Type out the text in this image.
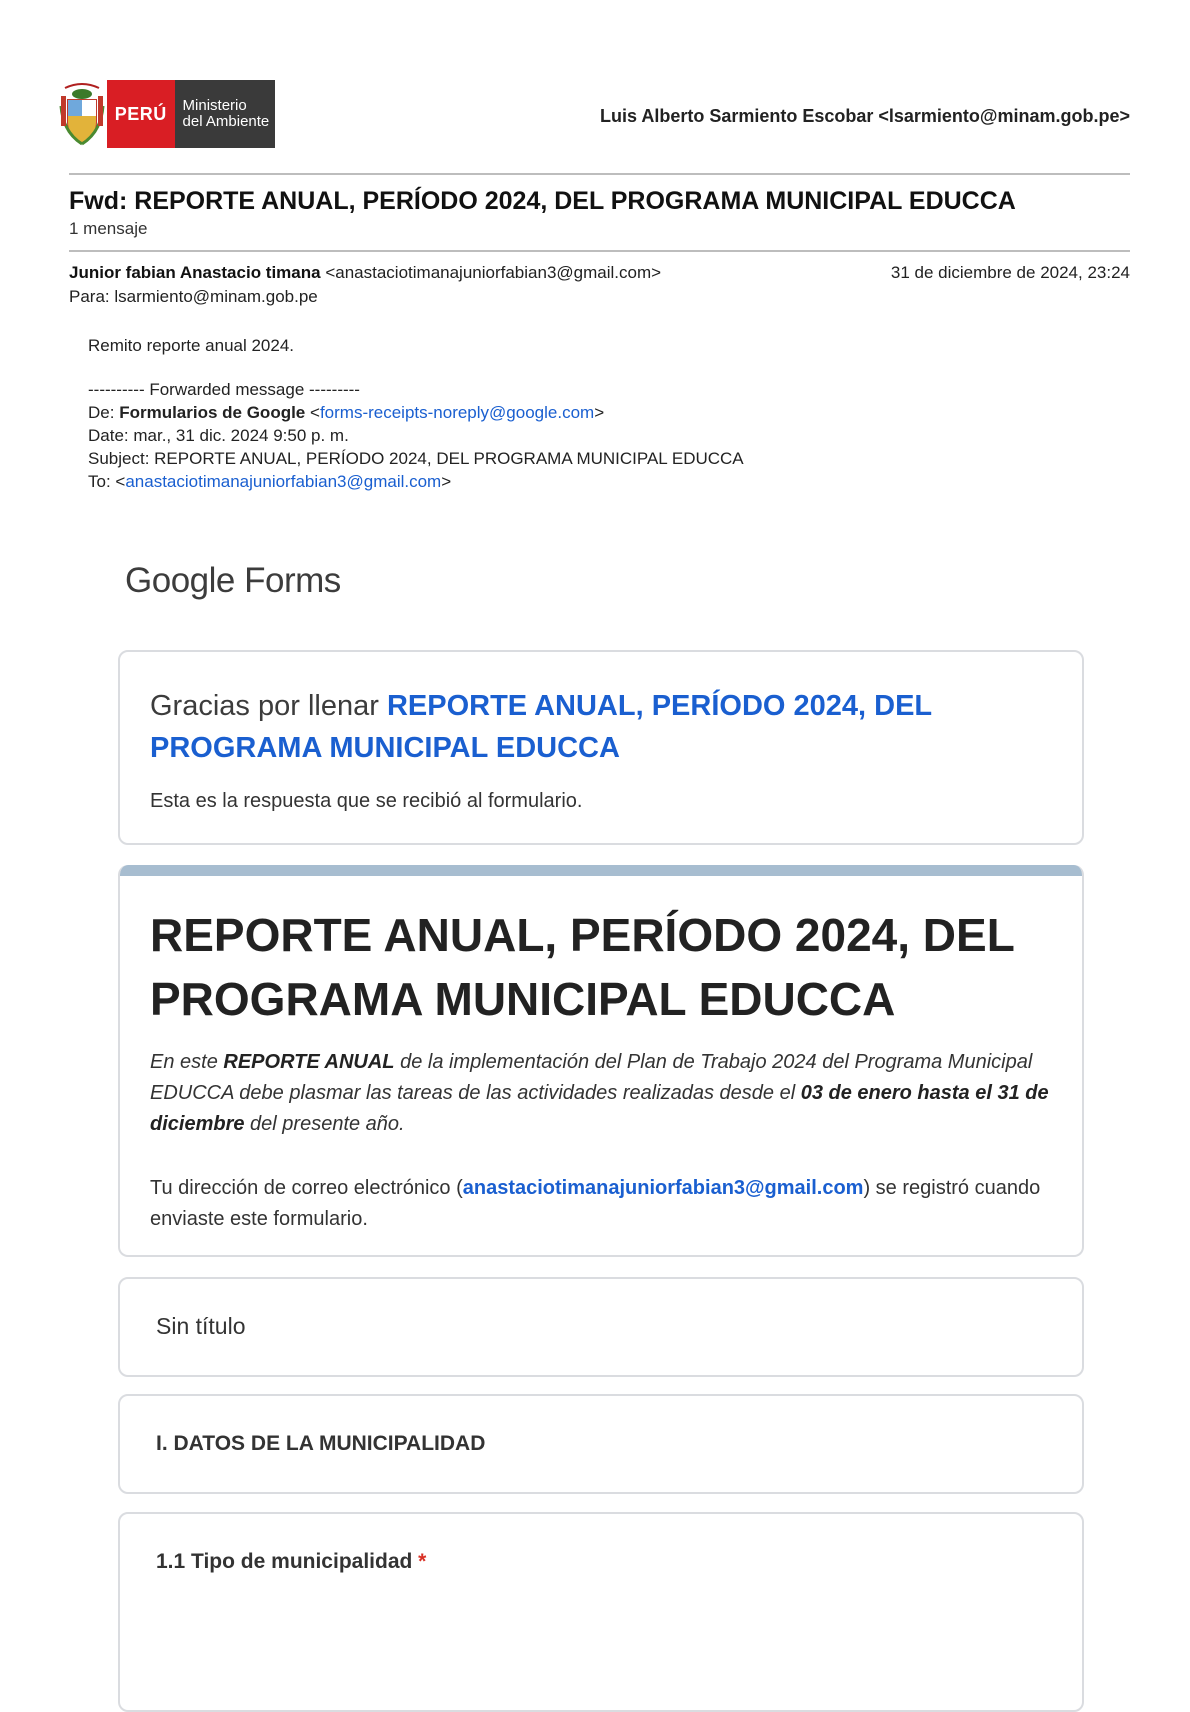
PERÚ	Ministerio
del Ambiente	Luis Alberto Sarmiento Escobar <lsarmiento@minam.gob.pe>
Fwd: REPORTE ANUAL, PERÍODO 2024, DEL PROGRAMA MUNICIPAL EDUCCA
1 mensaje
Junior fabian Anastacio timana <anastaciotimanajuniorfabian3@gmail.com>	31 de diciembre de 2024, 23:24
Para: lsarmiento@minam.gob.pe
Remito reporte anual 2024.
---------- Forwarded message ---------
De: Formularios de Google <forms-receipts-noreply@google.com>
Date: mar., 31 dic. 2024 9:50 p. m.
Subject: REPORTE ANUAL, PERÍODO 2024, DEL PROGRAMA MUNICIPAL EDUCCA
To: <anastaciotimanajuniorfabian3@gmail.com>
Google Forms
Gracias por llenar REPORTE ANUAL, PERÍODO 2024, DEL PROGRAMA MUNICIPAL EDUCCA
Esta es la respuesta que se recibió al formulario.
REPORTE ANUAL, PERÍODO 2024, DEL PROGRAMA MUNICIPAL EDUCCA
En este REPORTE ANUAL de la implementación del Plan de Trabajo 2024 del Programa Municipal EDUCCA debe plasmar las tareas de las actividades realizadas desde el 03 de enero hasta el 31 de diciembre del presente año.
Tu dirección de correo electrónico (anastaciotimanajuniorfabian3@gmail.com) se registró cuando enviaste este formulario.
Sin título
I. DATOS DE LA MUNICIPALIDAD
1.1 Tipo de municipalidad *
